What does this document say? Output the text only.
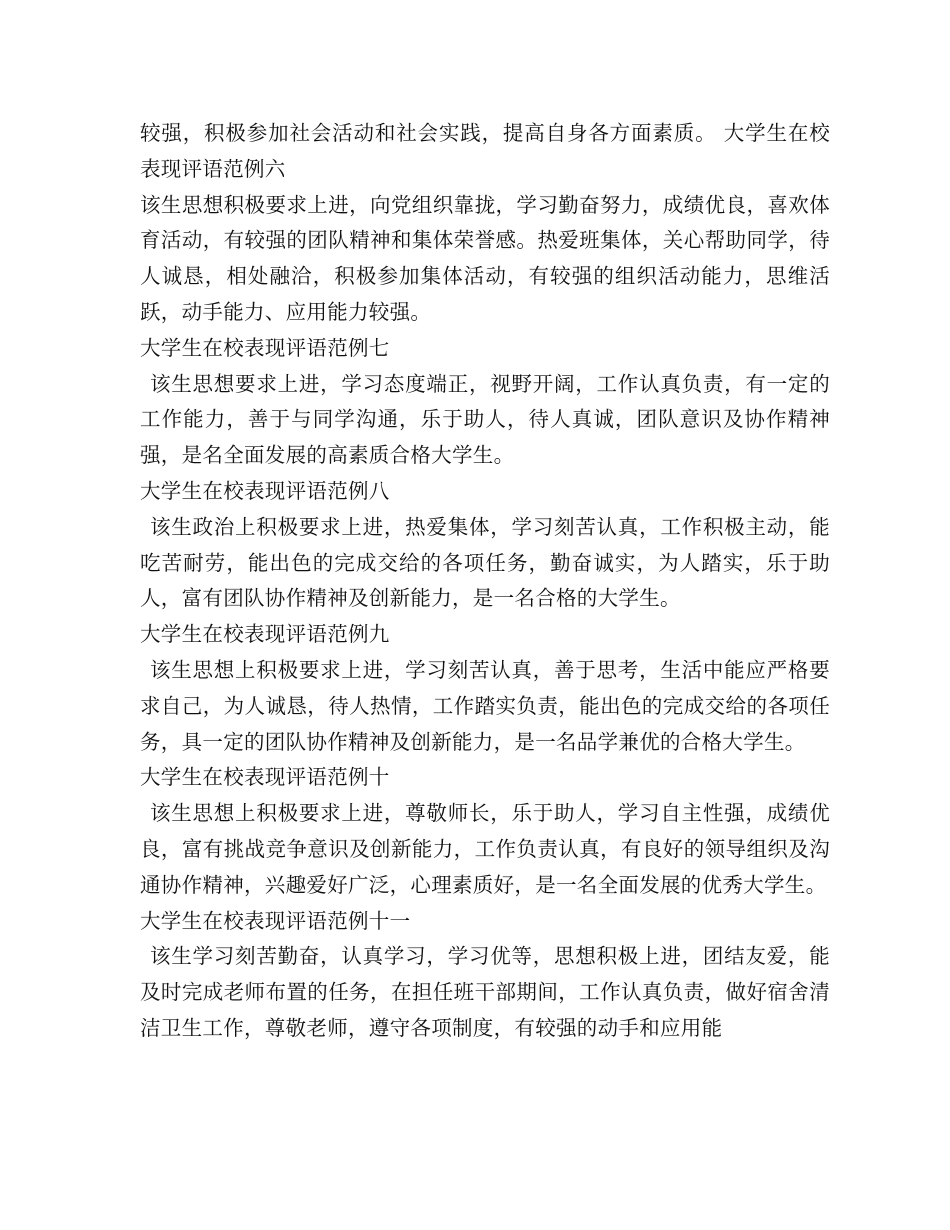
较强，积极参加社会活动和社会实践，提高自身各方面素质。 大学生在校表现评语范例六

该生思想积极要求上进，向党组织靠拢，学习勤奋努力，成绩优良，喜欢体育活动，有较强的团队精神和集体荣誉感。热爱班集体，关心帮助同学，待人诚恳，相处融洽，积极参加集体活动，有较强的组织活动能力，思维活跃，动手能力、应用能力较强。

大学生在校表现评语范例七

该生思想要求上进，学习态度端正，视野开阔，工作认真负责，有一定的工作能力，善于与同学沟通，乐于助人，待人真诚，团队意识及协作精神强，是名全面发展的高素质合格大学生。

大学生在校表现评语范例八

该生政治上积极要求上进，热爱集体，学习刻苦认真，工作积极主动，能吃苦耐劳，能出色的完成交给的各项任务，勤奋诚实，为人踏实，乐于助人，富有团队协作精神及创新能力，是一名合格的大学生。

大学生在校表现评语范例九

该生思想上积极要求上进，学习刻苦认真，善于思考，生活中能应严格要求自己，为人诚恳，待人热情，工作踏实负责，能出色的完成交给的各项任务，具一定的团队协作精神及创新能力，是一名品学兼优的合格大学生。

大学生在校表现评语范例十

该生思想上积极要求上进，尊敬师长，乐于助人，学习自主性强，成绩优良，富有挑战竞争意识及创新能力，工作负责认真，有良好的领导组织及沟通协作精神，兴趣爱好广泛，心理素质好，是一名全面发展的优秀大学生。

大学生在校表现评语范例十一

该生学习刻苦勤奋，认真学习，学习优等，思想积极上进，团结友爱，能及时完成老师布置的任务，在担任班干部期间，工作认真负责，做好宿舍清洁卫生工作，尊敬老师，遵守各项制度，有较强的动手和应用能
